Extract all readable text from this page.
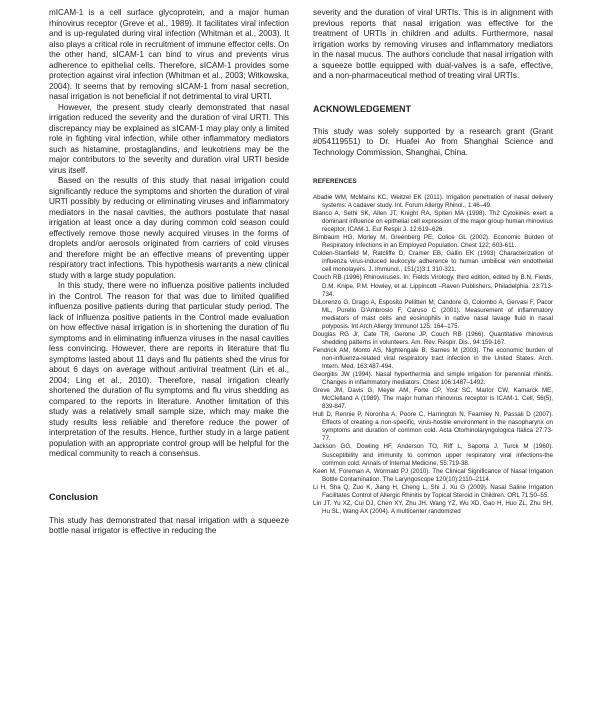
mICAM-1 is a cell surface glycoprotein, and a major human rhinovirus receptor (Greve et al., 1989). It facilitates viral infection and is up-regulated during viral infection (Whitman et al., 2003). It also plays a critical role in recruitment of immune effector cells. On the other hand, sICAM-1 can bind to virus and prevents virus adherence to epithelial cells. Therefore, sICAM-1 provides some protection against viral infection (Whitman et al., 2003; Witkowska, 2004). It seems that by removing sICAM-1 from nasal secretion, nasal irrigation is not beneficial if not detrimental to viral URTI.

However, the present study clearly demonstrated that nasal irrigation reduced the severity and the duration of viral URTI. This discrepancy may be explained as sICAM-1 may play only a limited role in fighting viral infection, while other inflammatory mediators such as histamine, prostaglandins, and leukotriens may be the major contributors to the severity and duration viral URTI beside virus itself.

Based on the results of this study that nasal irrigation could significantly reduce the symptoms and shorten the duration of viral URTI possibly by reducing or eliminating viruses and inflammatory mediators in the nasal cavities, the authors postulate that nasal irrigation at least once a day during common cold season could effectively remove those newly acquired viruses in the forms of droplets and/or aerosols originated from carriers of cold viruses and therefore might be an effective means of preventing upper respiratory tract infections. This hypothesis warrants a new clinical study with a large study population.

In this study, there were no influenza positive patients included in the Control. The reason for that was due to limited qualified influenza positive patients during that particular study period. The lack of influenza positive patients in the Control made evaluation on how effective nasal irrigation is in shortening the duration of flu symptoms and in eliminating influenza viruses in the nasal cavities less convincing. However, there are reports in literature that flu symptoms lasted about 11 days and flu patients shed the virus for about 6 days on average without antiviral treatment (Lin et al., 2004; Ling et al., 2010). Therefore, nasal irrigation clearly shortened the duration of flu symptoms and flu virus shedding as compared to the reports in literature. Another limitation of this study was a relatively small sample size, which may make the study results less reliable and therefore reduce the power of interpretation of the results. Hence, further study in a large patient population with an appropriate control group will be helpful for the medical community to reach a consensus.

Conclusion

This study has demonstrated that nasal irrigation with a squeeze bottle nasal irrigator is effective in reducing the

severity and the duration of viral URTIs. This is in alignment with previous reports that nasal irrigation was effective for the treatment of URTIs in children and adults. Furthermore, nasal irrigation works by removing viruses and inflammatory mediators in the nasal mucus. The authors conclude that nasal irrigation with a squeeze bottle equipped with dual-valves is a safe, effective, and a non-pharmaceutical method of treating viral URTIs.

ACKNOWLEDGEMENT

This study was solely supported by a research grant (Grant #054119551) to Dr. Huafei Ao from Shanghai Science and Technology Commission, Shanghai, China.

REFERENCES
Abadie WM, McMains KC, Weitzel EK (2011). Irrigation penetration of nasal delivery systems: A cadaver study. Int. Forum Allergy Rhinol., 1:46–49.
Bianco A, Sethi SK, Allen JT, Knight RA, Spiteri MA (1998). Th2 Cytokines exert a dominant influence on epithelial cell expression of the major group human rhinovirus receptor, ICAM-1. Eur Respir J. 12:619–626.
Birnbaum HG, Morley M, Greenberg PE, Colice GL (2002). Economic Burden of Respiratory Infections in an Employed Population. Chest 122; 603-611.
Colden-Stanfield M, Ratcliffe D, Cramer EB, Gallin EK (1993) Characterization of influenza virus-induced leukocyte adherence to human umbilical vein endothelial cell monolayers. J. Immunol., 151(1)3:1 310-321.
Couch RB (1996) Rhinoviruses. In: Fields Virology, third edition, edited by B.N. Fields, D.M. Knipe, P.M. Howley, et al. Lippincott –Raven Publishers, Philadelphia. 23:713-734.
DiLorenzo G, Drago A, Esposito Pellitteri M, Candore G, Colombo A, Gervasi F, Pacor ML, Purello D'Ambrosio F, Caruso C (2001). Measurement of inflammatory mediators of mast cells and eosinophils in native nasal lavage fluid in nasal polyposis. Int Arch Allergy Immunol 125: 164–175.
Douglas RG Jr, Cate TR, Gerone JP, Couch RB (1966). Quantitative rhinovirus shedding patterns in volunteers. Am. Rev. Respir. Dis., 94:159-167.
Fendrick AM, Monto AS, Nightengale B, Sarnes M (2003). The economic burden of non-influenza-related viral respiratory tract infection in the United States. Arch. Intern. Med. 163:487-494.
Georgitis JW (1994). Nasal hyperthermia and simple irrigation for perennial rhinitis. Changes in inflammatory mediators. Chest 106:1487–1492.
Greve JM, Davis G, Meyer AM, Forte CP, Yost SC, Marlor CW, Kamarck ME, McClelland A (1989). The major human rhinovirus receptor is ICAM-1. Cell, 56(5), 839-847.
Hull D, Rennie P, Noronha A, Poore C, Harrington N, Fearnley N, Passali D (2007). Effects of creating a non-specific, virus-hostile environment in the nasopharynx on symptoms and duration of common cold. Acta Otorhinolaryngologica Italica 27:73-77.
Jackson GG, Dowling HF, Anderson TO, Riff L, Saporta J, Turck M (1960). Susceptibility and immunity to common upper respiratory viral infections-the common cold. Annals of Internal Medicine, 55:719-38.
Keen M, Foreman A, Wormald PJ (2010). The Clinical Significance of Nasal Irrigation Bottle Contamination. The Laryngoscope 120(10):2110–2114.
Li H, Sha Q, Zuo K, Jiang H, Cheng L, Shi J, Xu G (2009). Nasal Saline Irrigation Facilitates Control of Allergic Rhinitis by Topical Steroid in Children. ORL 71:50–55.
Lin JT, Yu XZ, Cui DJ, Chen XY, Zhu JH, Wang YZ, Wu XD, Gao H, Huo ZL, Zhu SH, Hu SL, Wang AX (2004). A multicenter randomized
